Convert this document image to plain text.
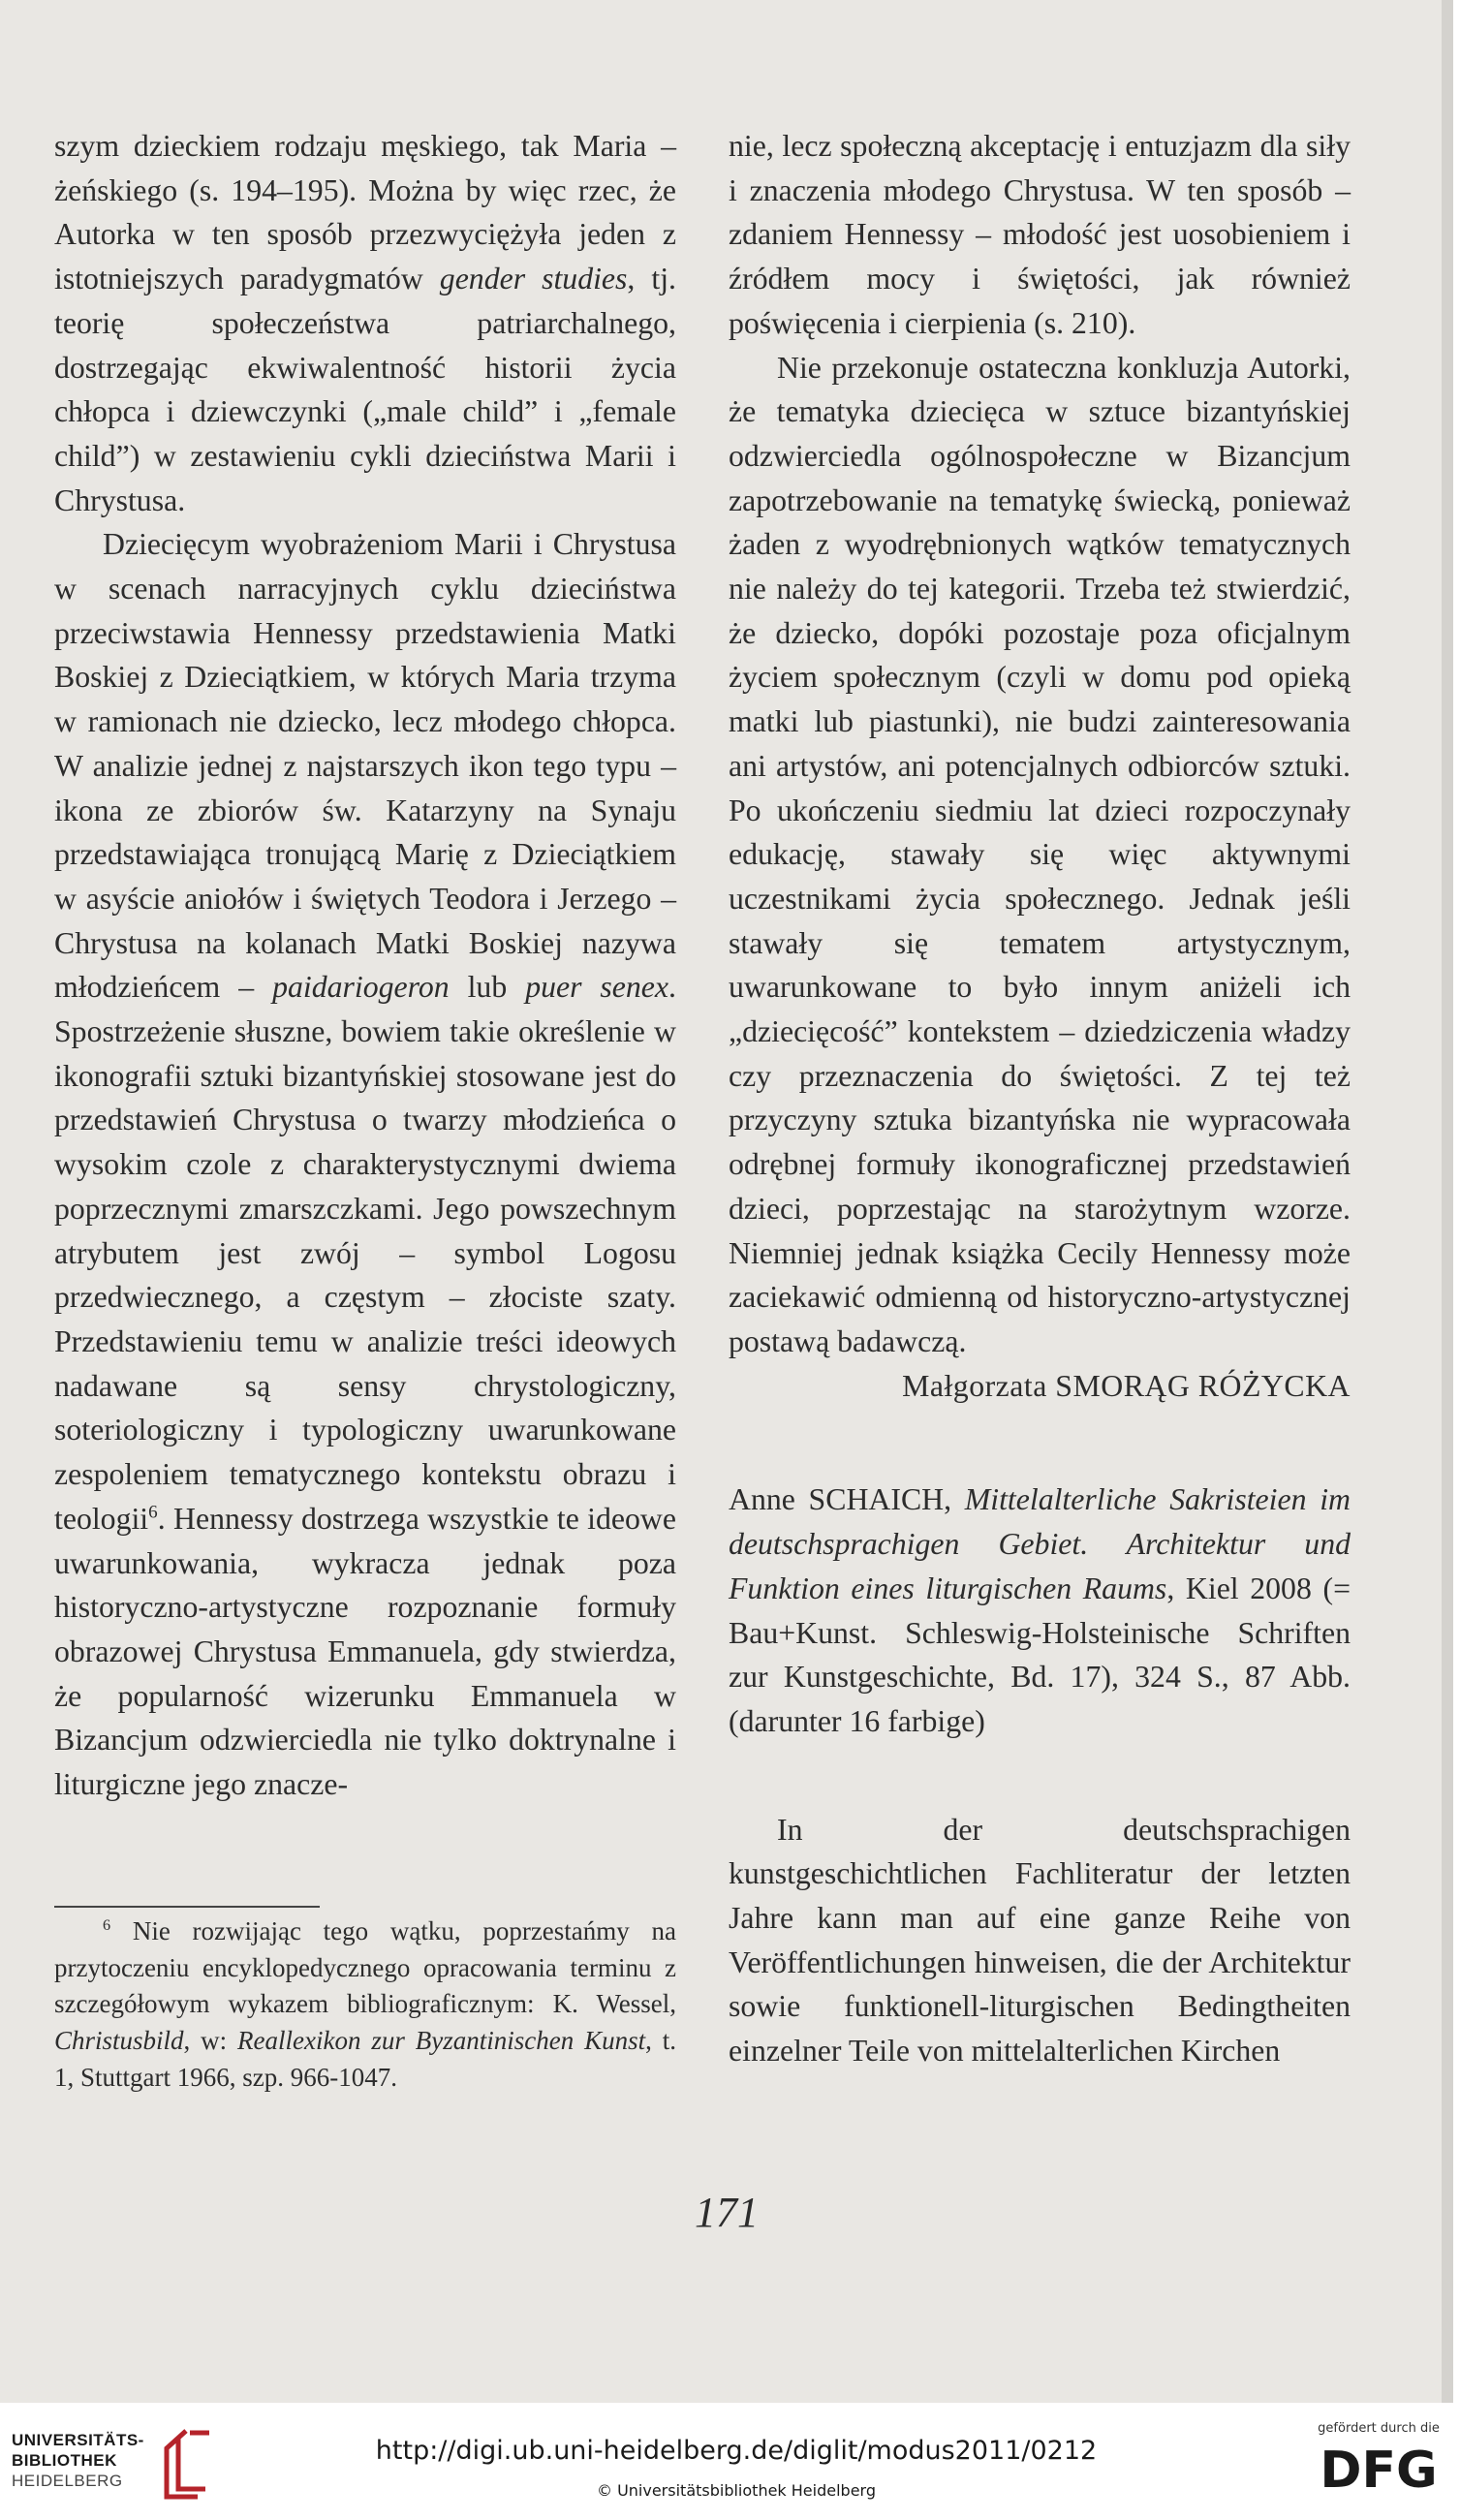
szym dzieckiem rodzaju męskiego, tak Maria – żeńskiego (s. 194–195). Można by więc rzec, że Autorka w ten sposób przezwyciężyła jeden z istotniejszych paradygmatów gender studies, tj. teorię społeczeństwa patriarchalnego, dostrzegając ekwiwalentność historii życia chłopca i dziewczynki („male child” i „female child”) w zestawieniu cykli dzieciństwa Marii i Chrystusa.

Dziecięcym wyobrażeniom Marii i Chrystusa w scenach narracyjnych cyklu dzieciństwa przeciwstawia Hennessy przedstawienia Matki Boskiej z Dzieciątkiem, w których Maria trzyma w ramionach nie dziecko, lecz młodego chłopca. W analizie jednej z najstarszych ikon tego typu – ikona ze zbiorów św. Katarzyny na Synaju przedstawiająca tronującą Marię z Dzieciątkiem w asyście aniołów i świętych Teodora i Jerzego – Chrystusa na kolanach Matki Boskiej nazywa młodzieńcem – paidariogeron lub puer senex. Spostrzeżenie słuszne, bowiem takie określenie w ikonografii sztuki bizantyńskiej stosowane jest do przedstawień Chrystusa o twarzy młodzieńca o wysokim czole z charakterystycznymi dwiema poprzecznymi zmarszczkami. Jego powszechnym atrybutem jest zwój – symbol Logosu przedwiecznego, a częstym – złociste szaty. Przedstawieniu temu w analizie treści ideowych nadawane są sensy chrystologiczny, soteriologiczny i typologiczny uwarunkowane zespoleniem tematycznego kontekstu obrazu i teologii$^6$. Hennessy dostrzega wszystkie te ideowe uwarunkowania, wykracza jednak poza historyczno-artystyczne rozpoznanie formuły obrazowej Chrystusa Emmanuela, gdy stwierdza, że popularność wizerunku Emmanuela w Bizancjum odzwierciedla nie tylko doktrynalne i liturgiczne jego znacze-

nie, lecz społeczną akceptację i entuzjazm dla siły i znaczenia młodego Chrystusa. W ten sposób – zdaniem Hennessy – młodość jest uosobieniem i źródłem mocy i świętości, jak również poświęcenia i cierpienia (s. 210).

Nie przekonuje ostateczna konkluzja Autorki, że tematyka dziecięca w sztuce bizantyńskiej odzwierciedla ogólnospołeczne w Bizancjum zapotrzebowanie na tematykę świecką, ponieważ żaden z wyodrębnionych wątków tematycznych nie należy do tej kategorii. Trzeba też stwierdzić, że dziecko, dopóki pozostaje poza oficjalnym życiem społecznym (czyli w domu pod opieką matki lub piastunki), nie budzi zainteresowania ani artystów, ani potencjalnych odbiorców sztuki. Po ukończeniu siedmiu lat dzieci rozpoczynały edukację, stawały się więc aktywnymi uczestnikami życia społecznego. Jednak jeśli stawały się tematem artystycznym, uwarunkowane to było innym aniżeli ich „dziecięcość” kontekstem – dziedziczenia władzy czy przeznaczenia do świętości. Z tej też przyczyny sztuka bizantyńska nie wypracowała odrębnej formuły ikonograficznej przedstawień dzieci, poprzestając na starożytnym wzorze. Niemniej jednak książka Cecily Hennessy może zaciekawić odmienną od historyczno-artystycznej postawą badawczą.

Małgorzata SMORĄG RÓŻYCKA

Anne SCHAICH, Mittelalterliche Sakristeien im deutschsprachigen Gebiet. Architektur und Funktion eines liturgischen Raums, Kiel 2008 (= Bau+Kunst. Schleswig-Holsteinische Schriften zur Kunstgeschichte, Bd. 17), 324 S., 87 Abb. (darunter 16 farbige)

In der deutschsprachigen kunstgeschichtlichen Fachliteratur der letzten Jahre kann man auf eine ganze Reihe von Veröffentlichungen hinweisen, die der Architektur sowie funktionell-liturgischen Bedingtheiten einzelner Teile von mittelalterlichen Kirchen

$^6$ Nie rozwijając tego wątku, poprzestańmy na przytoczeniu encyklopedycznego opracowania terminu z szczegółowym wykazem bibliograficznym: K. Wessel, Christusbild, w: Reallexikon zur Byzantinischen Kunst, t. 1, Stuttgart 1966, szp. 966-1047.

171
UNIVERSITÄTS-
BIBLIOTHEK
HEIDELBERG
http://digi.ub.uni-heidelberg.de/diglit/modus2011/0212
© Universitätsbibliothek Heidelberg
gefördert durch die
DFG
